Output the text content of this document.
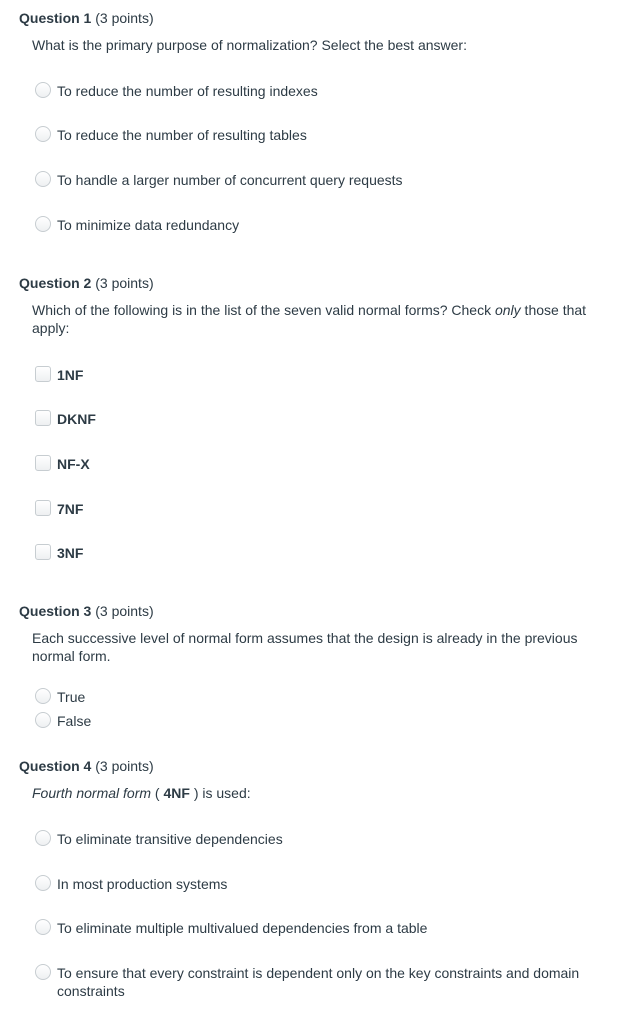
Question 1 (3 points)
What is the primary purpose of normalization? Select the best answer:
To reduce the number of resulting indexes
To reduce the number of resulting tables
To handle a larger number of concurrent query requests
To minimize data redundancy
Question 2 (3 points)
Which of the following is in the list of the seven valid normal forms? Check only those that apply:
1NF
DKNF
NF-X
7NF
3NF
Question 3 (3 points)
Each successive level of normal form assumes that the design is already in the previous normal form.
True
False
Question 4 (3 points)
Fourth normal form ( 4NF ) is used:
To eliminate transitive dependencies
In most production systems
To eliminate multiple multivalued dependencies from a table
To ensure that every constraint is dependent only on the key constraints and domain constraints
